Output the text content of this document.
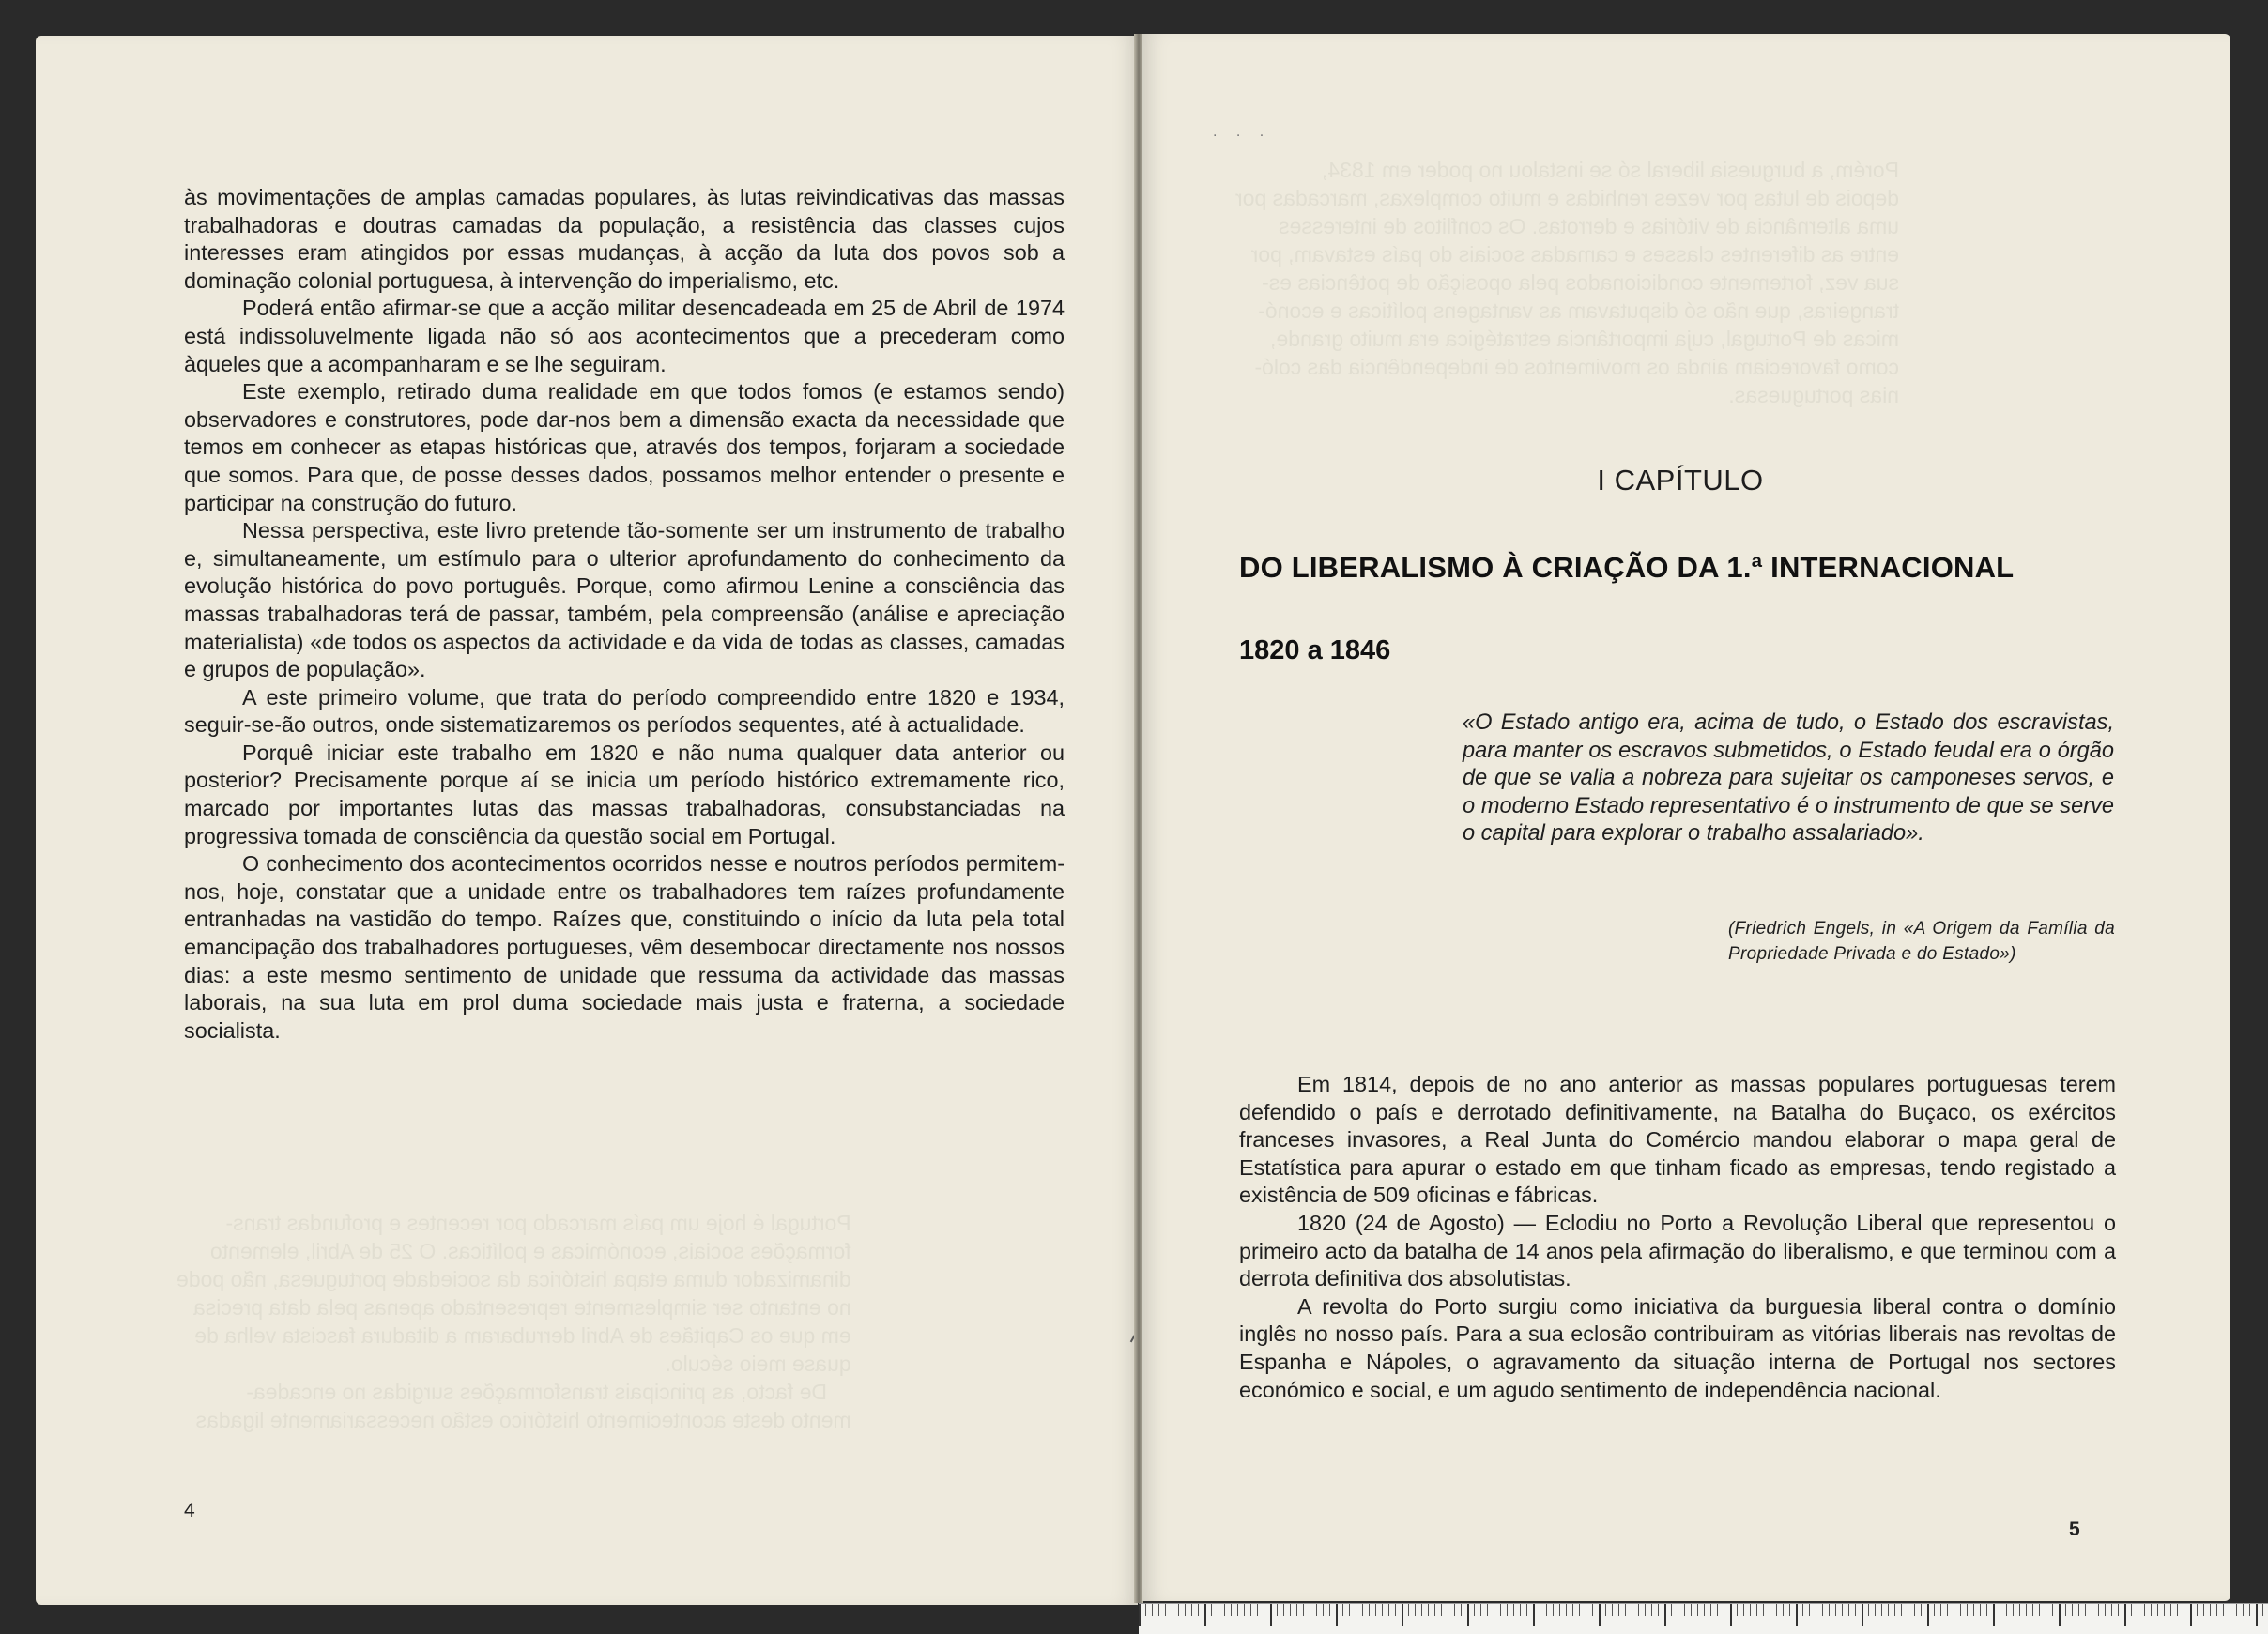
Portugal é hoje um país marcado por recentes e profundas trans-
formações sociais, económicas e políticas. O 25 de Abril, elemento
dinamizador duma etapa histórica da sociedade portuguesa, não pode
no entanto ser simplesmente representado apenas pela data precisa
em que os Capitães de Abril derrubaram a ditadura fascista velha de
quase meio século.
De facto, as principais transformações surgidas no encadea-
mento deste acontecimento histórico estão necessariamente ligadas

às movimentações de amplas camadas populares, às lutas reivindicativas das massas trabalhadoras e doutras camadas da população, a resistência das classes cujos interesses eram atingidos por essas mudanças, à acção da luta dos povos sob a dominação colonial portuguesa, à intervenção do imperialismo, etc.

Poderá então afirmar-se que a acção militar desencadeada em 25 de Abril de 1974 está indissoluvelmente ligada não só aos acontecimentos que a precederam como àqueles que a acompanharam e se lhe seguiram.

Este exemplo, retirado duma realidade em que todos fomos (e estamos sendo) observadores e construtores, pode dar-nos bem a dimensão exacta da necessidade que temos em conhecer as etapas históricas que, através dos tempos, forjaram a sociedade que somos. Para que, de posse desses dados, possamos melhor entender o presente e participar na construção do futuro.

Nessa perspectiva, este livro pretende tão-somente ser um instrumento de trabalho e, simultaneamente, um estímulo para o ulterior aprofundamento do conhecimento da evolução histórica do povo português. Porque, como afirmou Lenine a consciência das massas trabalhadoras terá de passar, também, pela compreensão (análise e apreciação materialista) «de todos os aspectos da actividade e da vida de todas as classes, camadas e grupos de população».

A este primeiro volume, que trata do período compreendido entre 1820 e 1934, seguir-se-ão outros, onde sistematizaremos os períodos sequentes, até à actualidade.

Porquê iniciar este trabalho em 1820 e não numa qualquer data anterior ou posterior? Precisamente porque aí se inicia um período histórico extremamente rico, marcado por importantes lutas das massas trabalhadoras, consubstanciadas na progressiva tomada de consciência da questão social em Portugal.

O conhecimento dos acontecimentos ocorridos nesse e noutros períodos permitem-nos, hoje, constatar que a unidade entre os trabalhadores tem raízes profundamente entranhadas na vastidão do tempo. Raízes que, constituindo o início da luta pela total emancipação dos trabalhadores portugueses, vêm desembocar directamente nos nossos dias: a este mesmo sentimento de unidade que ressuma da actividade das massas laborais, na sua luta em prol duma sociedade mais justa e fraterna, a sociedade socialista.

4
Porém, a burguesia liberal só se instalou no poder em 1834,
depois de lutas por vezes renhidas e muito complexas, marcadas por
uma alternância de vitórias e derrotas. Os conflitos de interesses
entre as diferentes classes e camadas sociais do país estavam, por
sua vez, fortemente condicionados pela oposição de potências es-
trangeiras, que não só disputavam as vantagens políticas e econó-
micas de Portugal, cuja importância estratégica era muito grande,
como favoreciam ainda os movimentos de independência das coló-
nias portuguesas.
. . .
I CAPÍTULO
DO LIBERALISMO À CRIAÇÃO DA 1.ª INTERNACIONAL
1820 a 1846
«O Estado antigo era, acima de tudo, o Estado dos escravistas, para manter os escravos submetidos, o Estado feudal era o órgão de que se valia a nobreza para sujeitar os camponeses servos, e o moderno Estado representativo é o instrumento de que se serve o capital para explorar o trabalho assalariado».
(Friedrich Engels, in «A Origem da Família da Propriedade Privada e do Estado»)

Em 1814, depois de no ano anterior as massas populares portuguesas terem defendido o país e derrotado definitivamente, na Batalha do Buçaco, os exércitos franceses invasores, a Real Junta do Comércio mandou elaborar o mapa geral de Estatística para apurar o estado em que tinham ficado as empresas, tendo registado a existência de 509 oficinas e fábricas.

1820 (24 de Agosto) — Eclodiu no Porto a Revolução Liberal que representou o primeiro acto da batalha de 14 anos pela afirmação do liberalismo, e que terminou com a derrota definitiva dos absolutistas.

A revolta do Porto surgiu como iniciativa da burguesia liberal contra o domínio inglês no nosso país. Para a sua eclosão contribuiram as vitórias liberais nas revoltas de Espanha e Nápoles, o agravamento da situação interna de Portugal nos sectores económico e social, e um agudo sentimento de independência nacional.

5
